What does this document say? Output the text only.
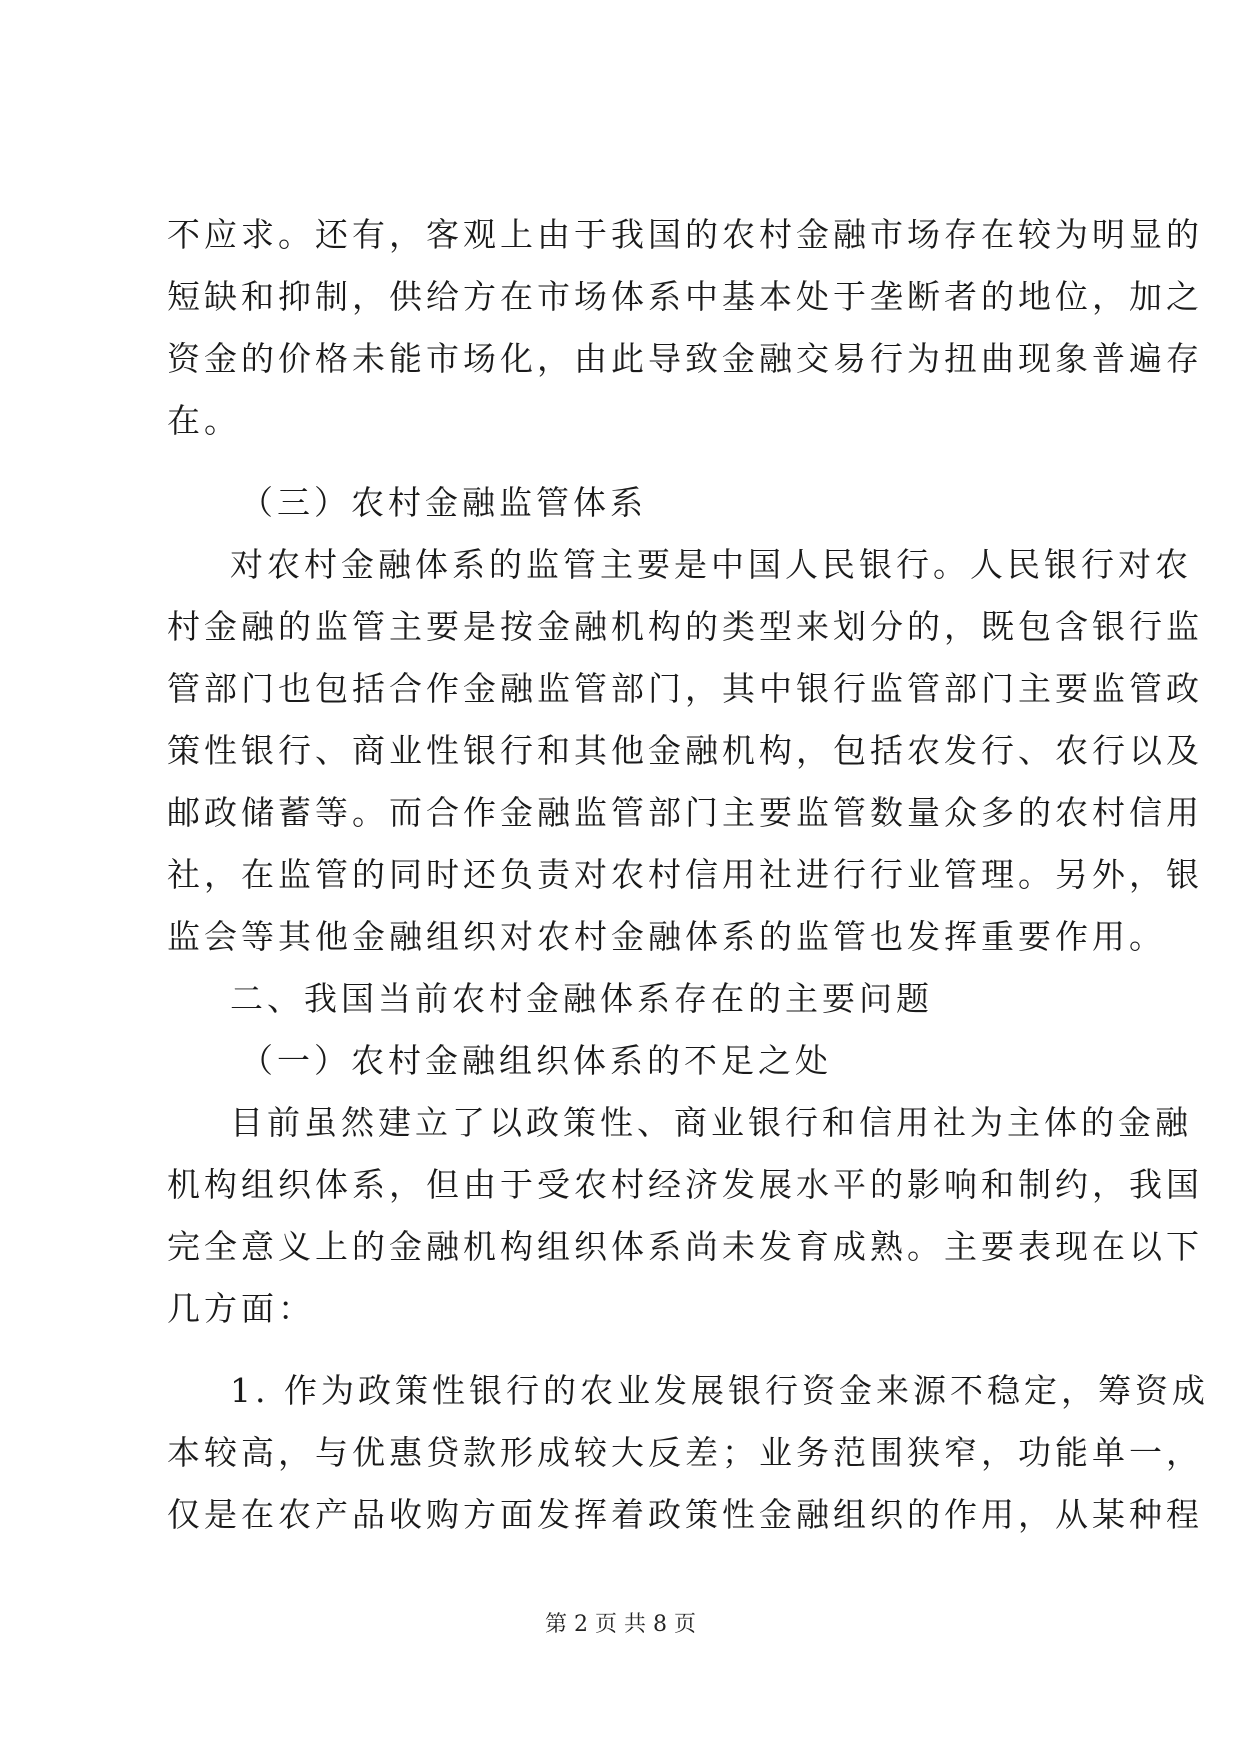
不应求。还有，客观上由于我国的农村金融市场存在较为明显的
短缺和抑制，供给方在市场体系中基本处于垄断者的地位，加之
资金的价格未能市场化，由此导致金融交易行为扭曲现象普遍存
在。
（三）农村金融监管体系
对农村金融体系的监管主要是中国人民银行。人民银行对农
村金融的监管主要是按金融机构的类型来划分的，既包含银行监
管部门也包括合作金融监管部门，其中银行监管部门主要监管政
策性银行、商业性银行和其他金融机构，包括农发行、农行以及
邮政储蓄等。而合作金融监管部门主要监管数量众多的农村信用
社，在监管的同时还负责对农村信用社进行行业管理。另外，银
监会等其他金融组织对农村金融体系的监管也发挥重要作用。
二、我国当前农村金融体系存在的主要问题
（一）农村金融组织体系的不足之处
目前虽然建立了以政策性、商业银行和信用社为主体的金融
机构组织体系，但由于受农村经济发展水平的影响和制约，我国
完全意义上的金融机构组织体系尚未发育成熟。主要表现在以下
几方面：
1. 作为政策性银行的农业发展银行资金来源不稳定，筹资成
本较高，与优惠贷款形成较大反差；业务范围狭窄，功能单一，
仅是在农产品收购方面发挥着政策性金融组织的作用，从某种程
第 2 页 共 8 页
